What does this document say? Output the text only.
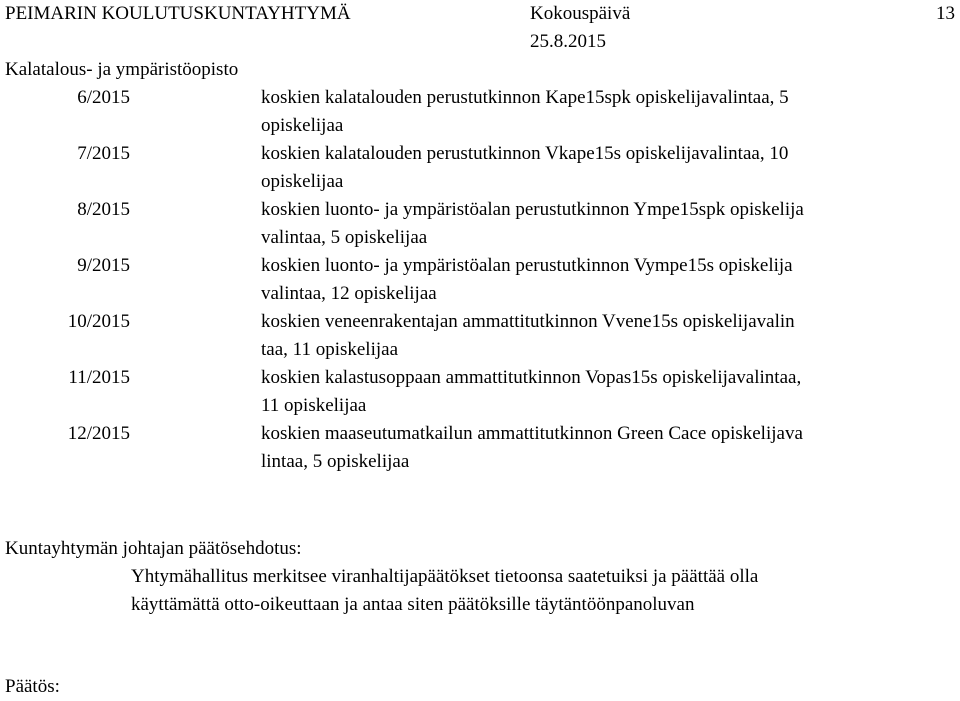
PEIMARIN KOULUTUSKUNTAYHTYMÄ	Kokouspäivä
25.8.2015
13
Kalatalous- ja ympäristöopisto
6/2015	koskien kalatalouden perustutkinnon Kape15spk opiskelijavalintaa, 5
opiskelijaa
7/2015	koskien kalatalouden perustutkinnon Vkape15s opiskelijavalintaa, 10
opiskelijaa
8/2015	koskien luonto- ja ympäristöalan perustutkinnon Ympe15spk opiskelija
valintaa, 5 opiskelijaa
9/2015	koskien luonto- ja ympäristöalan perustutkinnon Vympe15s opiskelija
valintaa, 12 opiskelijaa
10/2015	koskien veneenrakentajan ammattitutkinnon Vvene15s opiskelijavalin
taa, 11 opiskelijaa
11/2015	koskien kalastusoppaan ammattitutkinnon Vopas15s opiskelijavalintaa,
11 opiskelijaa
12/2015	koskien maaseutumatkailun ammattitutkinnon Green Cace opiskelijava
lintaa, 5 opiskelijaa
Kuntayhtymän johtajan päätösehdotus:
Yhtymähallitus merkitsee viranhaltijapäätökset tietoonsa saatetuiksi ja päättää olla
käyttämättä otto-oikeuttaan ja antaa siten päätöksille täytäntöönpanoluvan
Päätös:
